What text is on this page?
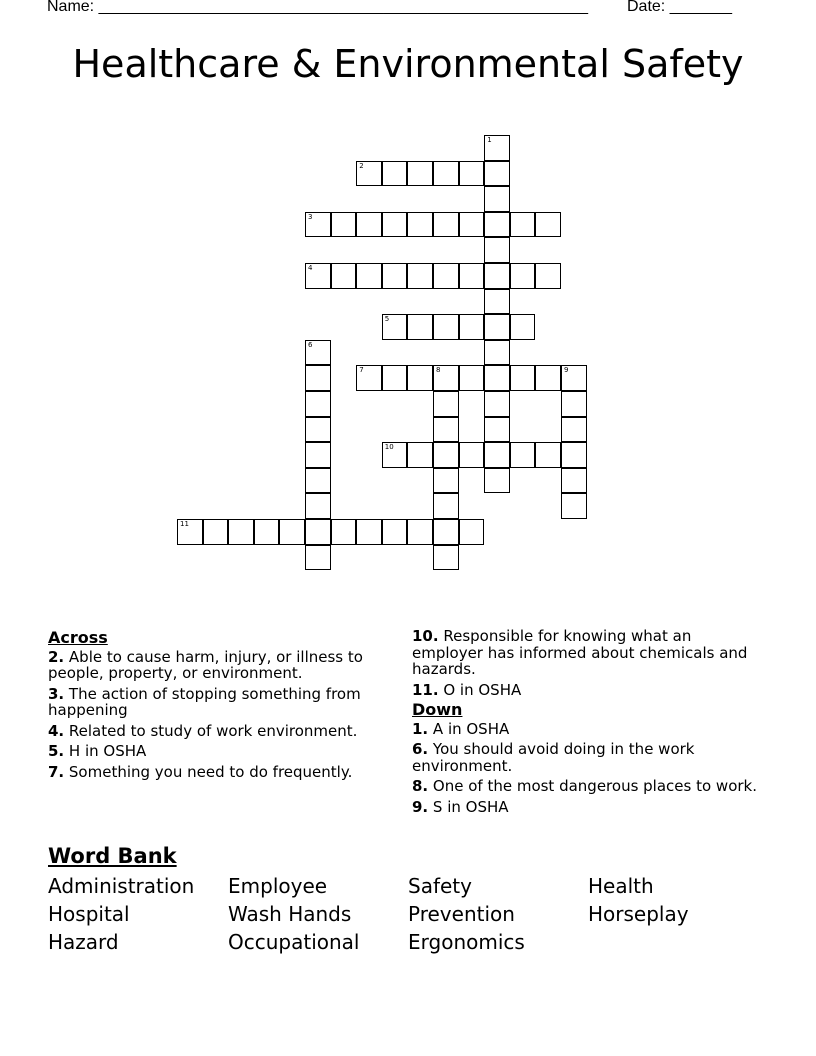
Name: _______________________________________________________ Date: _______
Healthcare & Environmental Safety
1
2
3
4
5
6
7	8	9
10
11
Across
2. Able to cause harm, injury, or illness to people, property, or environment.
3. The action of stopping something from happening
4. Related to study of work environment.
5. H in OSHA
7. Something you need to do frequently.
10. Responsible for knowing what an employer has informed about chemicals and hazards.
11. O in OSHA
Down
1. A in OSHA
6. You should avoid doing in the work environment.
8. One of the most dangerous places to work.
9. S in OSHA
Word Bank
Administration	Employee	Safety	Health
Hospital	Wash Hands	Prevention	Horseplay
Hazard	Occupational	Ergonomics
